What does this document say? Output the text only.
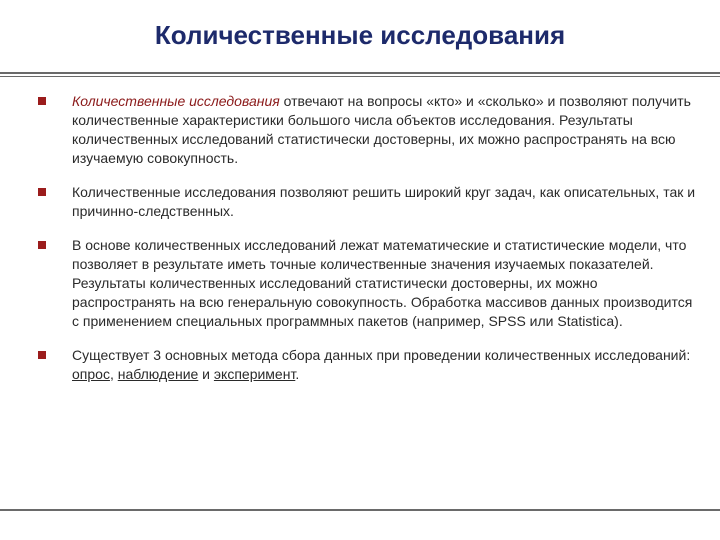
Количественные исследования
Количественные исследования отвечают на вопросы «кто» и «сколько» и позволяют получить количественные характеристики большого числа объектов исследования. Результаты количественных исследований статистически достоверны, их можно распространять на всю изучаемую совокупность.
Количественные исследования позволяют решить широкий круг задач, как описательных, так и причинно-следственных.
В основе количественных исследований лежат математические и статистические модели, что позволяет в результате иметь точные количественные значения изучаемых показателей. Результаты количественных исследований статистически достоверны, их можно распространять на всю генеральную совокупность. Обработка массивов данных производится с применением специальных программных пакетов (например, SPSS или Statistica).
Существует 3 основных метода сбора данных при проведении количественных исследований: опрос, наблюдение и эксперимент.
